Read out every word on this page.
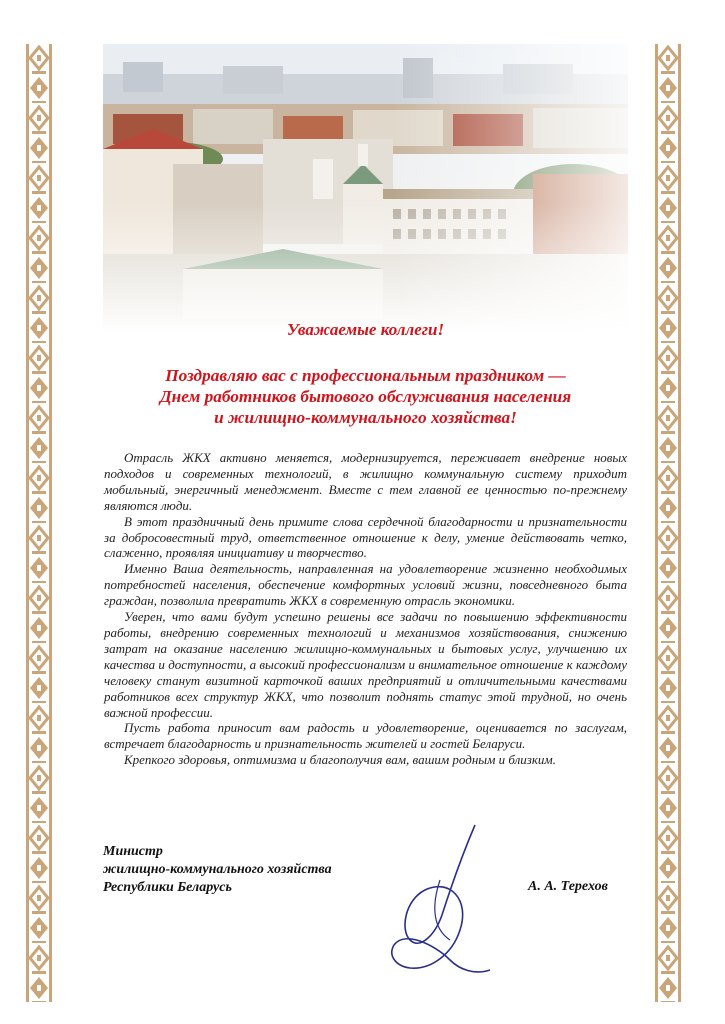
Уважаемые коллеги!
Поздравляю вас с профессиональным праздником —
Днем работников бытового обслуживания населения
и жилищно-коммунального хозяйства!

Отрасль ЖКХ активно меняется, модернизируется, переживает внедрение новых подходов и современных технологий, в жилищно коммунальную систему приходит мобильный, энергичный менеджмент. Вместе с тем главной ее ценностью по-прежнему являются люди.

В этот праздничный день примите слова сердечной благодарности и признательности за добросовестный труд, ответственное отношение к делу, умение действовать четко, слаженно, проявляя инициативу и творчество.

Именно Ваша деятельность, направленная на удовлетворение жизненно необходимых потребностей населения, обеспечение комфортных условий жизни, повседневного быта граждан, позволила превратить ЖКХ в современную отрасль экономики.

Уверен, что вами будут успешно решены все задачи по повышению эффективности работы, внедрению современных технологий и механизмов хозяйствования, снижению затрат на оказание населению жилищно-коммунальных и бытовых услуг, улучшению их качества и доступности, а высокий профессионализм и внимательное отношение к каждому человеку станут визитной карточкой ваших предприятий и отличительными качествами работников всех структур ЖКХ, что позволит поднять статус этой трудной, но очень важной профессии.

Пусть работа приносит вам радость и удовлетворение, оценивается по заслугам, встречает благодарность и признательность жителей и гостей Беларуси.

Крепкого здоровья, оптимизма и благополучия вам, вашим родным и близким.

Министр
жилищно-коммунального хозяйства
Республики Беларусь	А. А. Терехов
